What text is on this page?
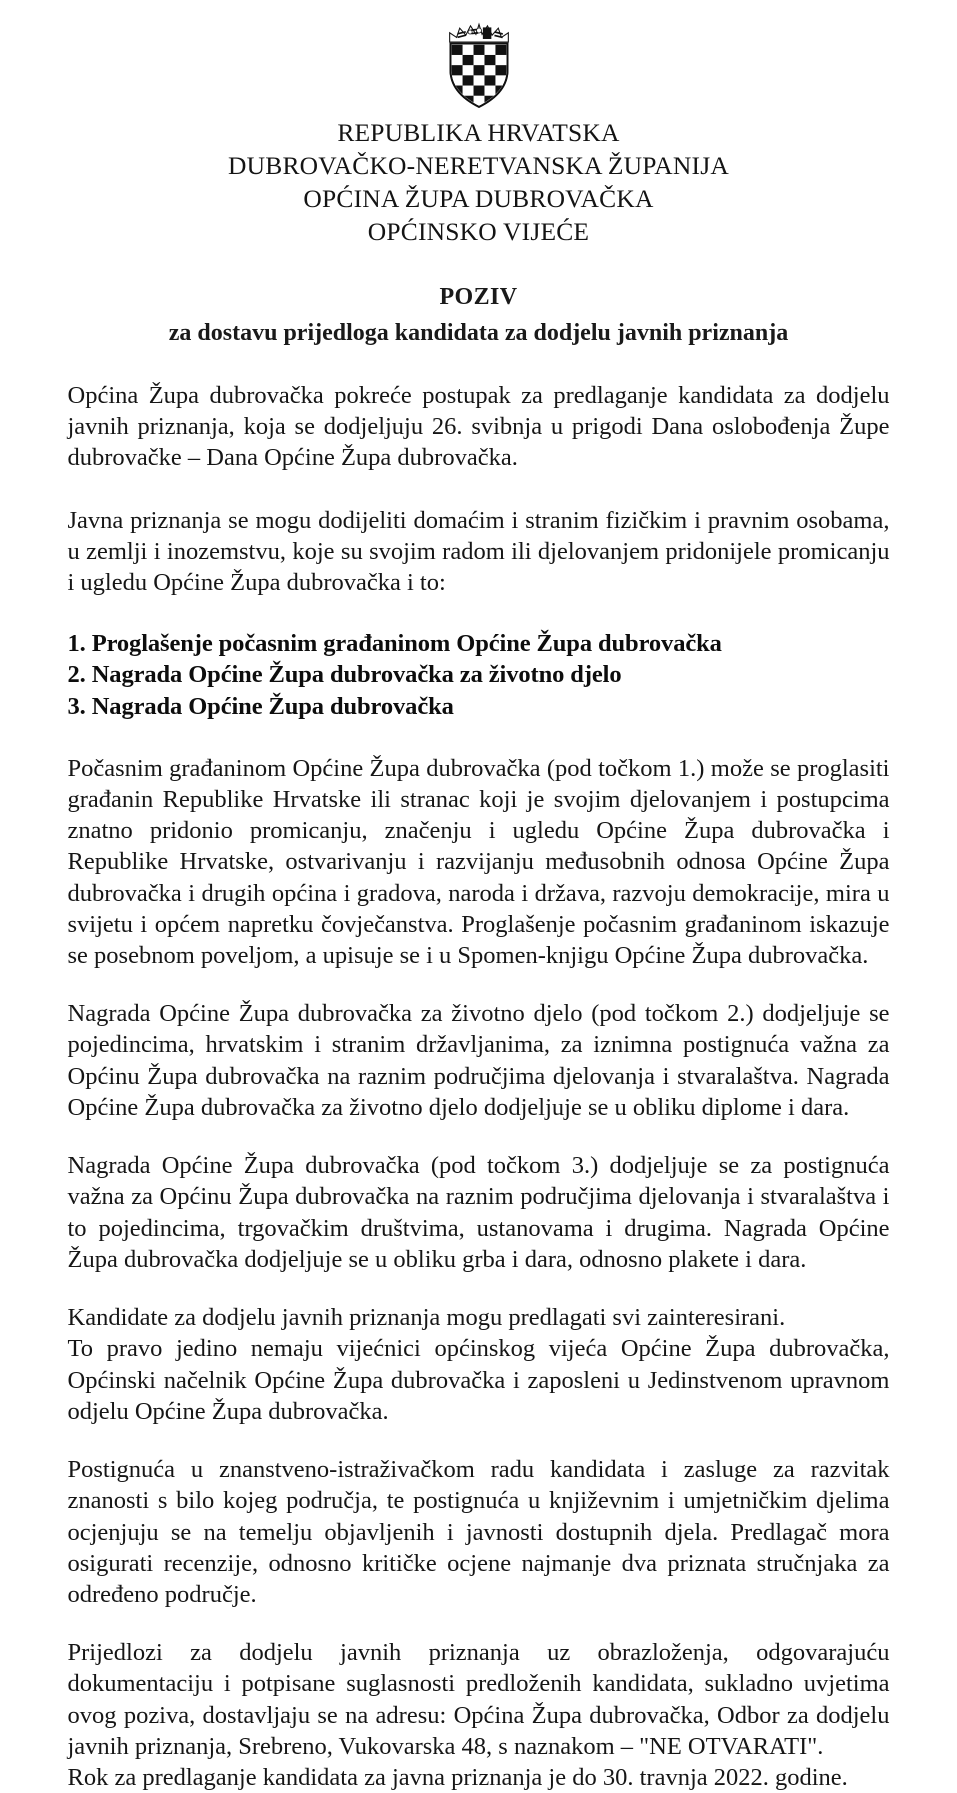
REPUBLIKA HRVATSKA
DUBROVAČKO-NERETVANSKA ŽUPANIJA
OPĆINA ŽUPA DUBROVAČKA
OPĆINSKO VIJEĆE
POZIV
za dostavu prijedloga kandidata za dodjelu javnih priznanja

Općina Župa dubrovačka pokreće postupak za predlaganje kandidata za dodjelu javnih priznanja, koja se dodjeljuju 26. svibnja u prigodi Dana oslobođenja Župe dubrovačke – Dana Općine Župa dubrovačka.

Javna priznanja se mogu dodijeliti domaćim i stranim fizičkim i pravnim osobama, u zemlji i inozemstvu, koje su svojim radom ili djelovanjem pridonijele promicanju i ugledu Općine Župa dubrovačka i to:

1. Proglašenje počasnim građaninom Općine Župa dubrovačka
2. Nagrada Općine Župa dubrovačka za životno djelo
3. Nagrada Općine Župa dubrovačka

Počasnim građaninom Općine Župa dubrovačka (pod točkom 1.) može se proglasiti građanin Republike Hrvatske ili stranac koji je svojim djelovanjem i postupcima znatno pridonio promicanju, značenju i ugledu Općine Župa dubrovačka i Republike Hrvatske, ostvarivanju i razvijanju međusobnih odnosa Općine Župa dubrovačka i drugih općina i gradova, naroda i država, razvoju demokracije, mira u svijetu i općem napretku čovječanstva. Proglašenje počasnim građaninom iskazuje se posebnom poveljom, a upisuje se i u Spomen-knjigu Općine Župa dubrovačka.

Nagrada Općine Župa dubrovačka za životno djelo (pod točkom 2.) dodjeljuje se pojedincima, hrvatskim i stranim državljanima, za iznimna postignuća važna za Općinu Župa dubrovačka na raznim područjima djelovanja i stvaralaštva. Nagrada Općine Župa dubrovačka za životno djelo dodjeljuje se u obliku diplome i dara.

Nagrada Općine Župa dubrovačka (pod točkom 3.) dodjeljuje se za postignuća važna za Općinu Župa dubrovačka na raznim područjima djelovanja i stvaralaštva i to pojedincima, trgovačkim društvima, ustanovama i drugima. Nagrada Općine Župa dubrovačka dodjeljuje se u obliku grba i dara, odnosno plakete i dara.

Kandidate za dodjelu javnih priznanja mogu predlagati svi zainteresirani.

To pravo jedino nemaju vijećnici općinskog vijeća Općine Župa dubrovačka, Općinski načelnik Općine Župa dubrovačka i zaposleni u Jedinstvenom upravnom odjelu Općine Župa dubrovačka.

Postignuća u znanstveno-istraživačkom radu kandidata i zasluge za razvitak znanosti s bilo kojeg područja, te postignuća u književnim i umjetničkim djelima ocjenjuju se na temelju objavljenih i javnosti dostupnih djela. Predlagač mora osigurati recenzije, odnosno kritičke ocjene najmanje dva priznata stručnjaka za određeno područje.

Prijedlozi za dodjelu javnih priznanja uz obrazloženja, odgovarajuću dokumentaciju i potpisane suglasnosti predloženih kandidata, sukladno uvjetima ovog poziva, dostavljaju se na adresu: Općina Župa dubrovačka, Odbor za dodjelu javnih priznanja, Srebreno, Vukovarska 48, s naznakom – "NE OTVARATI".

Rok za predlaganje kandidata za javna priznanja je do 30. travnja 2022. godine.
